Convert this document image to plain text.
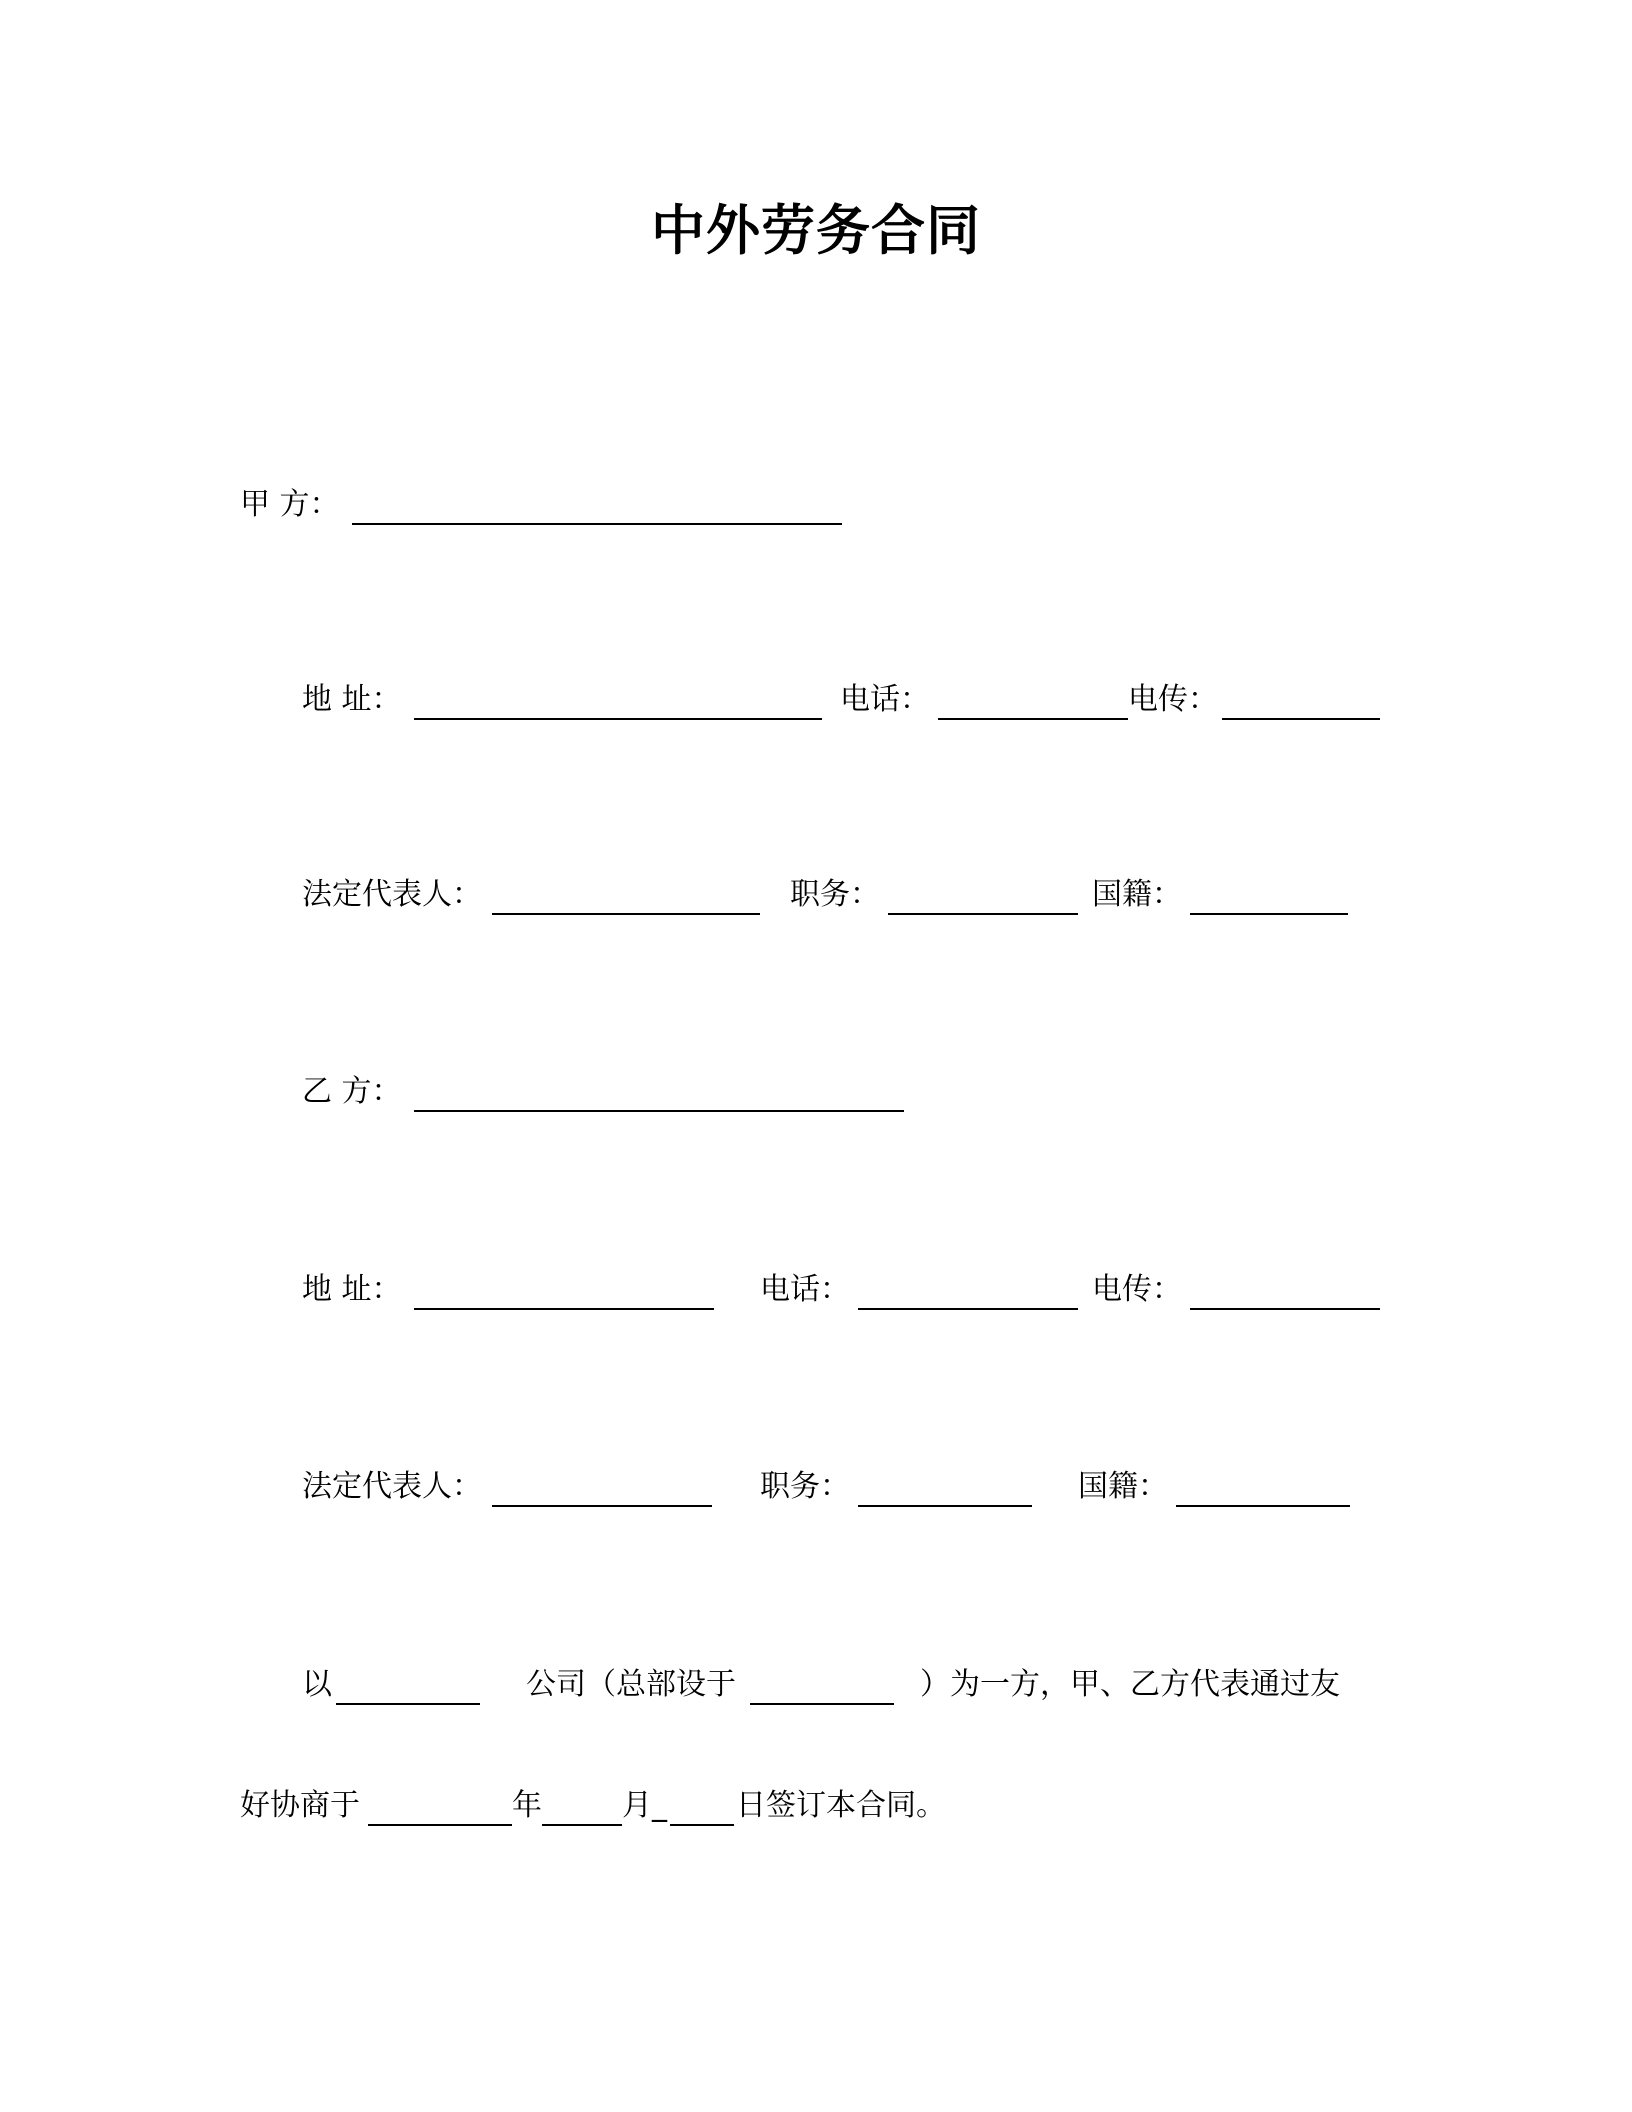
中外劳务合同
甲 方：
地 址：	电话：	电传：
法定代表人：	职务：	国籍：
乙 方：
地 址：	电话：	电传：
法定代表人：	职务：	国籍：
以	公司（总部设于	）为一方，甲、乙方代表通过友
好协商于	年	月 _ 日签订本合同。
